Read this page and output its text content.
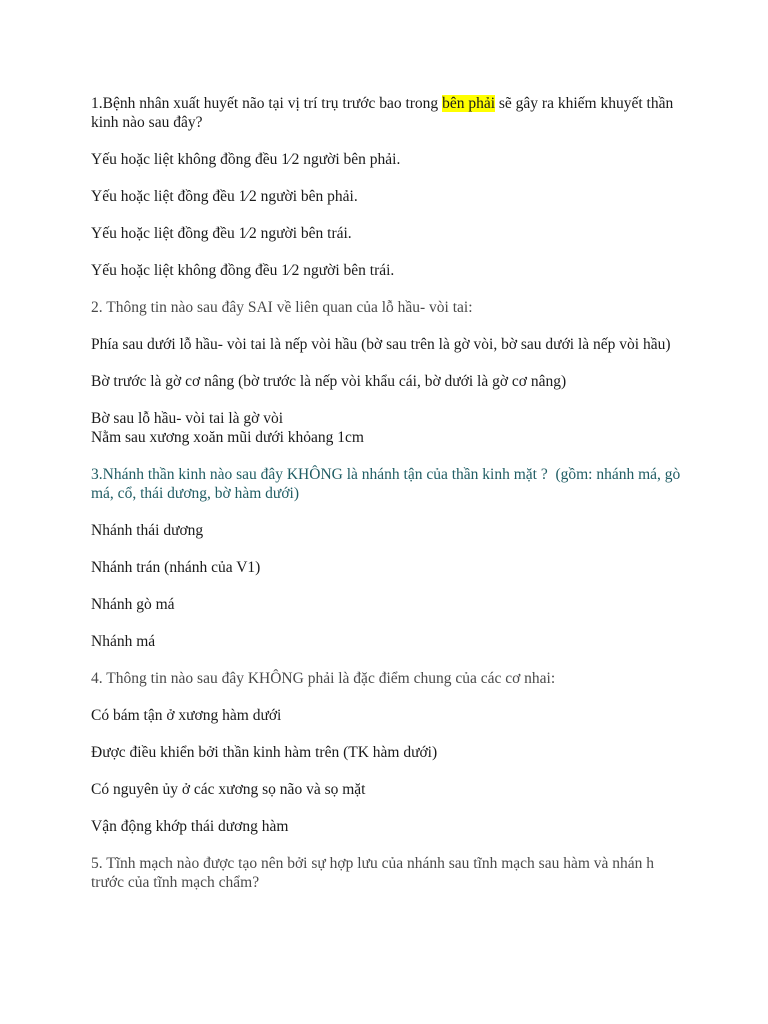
1.Bệnh nhân xuất huyết não tại vị trí trụ trước bao trong bên phải sẽ gây ra khiếm khuyết thần kinh nào sau đây?

Yếu hoặc liệt không đồng đều 1⁄2 người bên phải.

Yếu hoặc liệt đồng đều 1⁄2 người bên phải.

Yếu hoặc liệt đồng đều 1⁄2 người bên trái.

Yếu hoặc liệt không đồng đều 1⁄2 người bên trái.

2. Thông tin nào sau đây SAI về liên quan của lỗ hầu- vòi tai:

Phía sau dưới lỗ hầu- vòi tai là nếp vòi hầu (bờ sau trên là gờ vòi, bờ sau dưới là nếp vòi hầu)

Bờ trước là gờ cơ nâng (bờ trước là nếp vòi khẩu cái, bờ dưới là gờ cơ nâng)

Bờ sau lỗ hầu- vòi tai là gờ vòi

Nằm sau xương xoăn mũi dưới khỏang 1cm

3.Nhánh thần kinh nào sau đây KHÔNG là nhánh tận của thần kinh mặt ? (gồm: nhánh má, gò má, cổ, thái dương, bờ hàm dưới)

Nhánh thái dương

Nhánh trán (nhánh của V1)

Nhánh gò má

Nhánh má

4. Thông tin nào sau đây KHÔNG phải là đặc điểm chung của các cơ nhai:

Có bám tận ở xương hàm dưới

Được điều khiển bởi thần kinh hàm trên (TK hàm dưới)

Có nguyên ủy ở các xương sọ não và sọ mặt

Vận động khớp thái dương hàm

5. Tĩnh mạch nào được tạo nên bởi sự hợp lưu của nhánh sau tĩnh mạch sau hàm và nhán h trước của tĩnh mạch chẩm?
